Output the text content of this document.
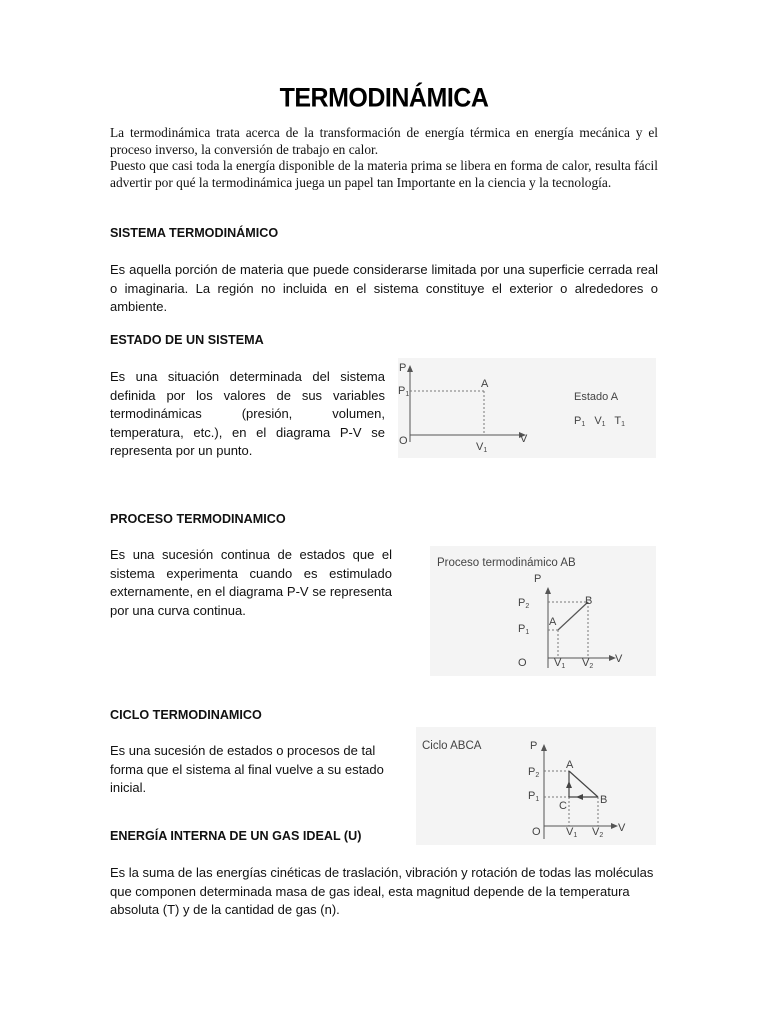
TERMODINÁMICA
La termodinámica trata acerca de la transformación de energía térmica en energía mecánica y el proceso inverso, la conversión de trabajo en calor.
Puesto que casi toda la energía disponible de la materia prima se libera en forma de calor, resulta fácil advertir por qué la termodinámica juega un papel tan Importante en la ciencia y la tecnología.
SISTEMA TERMODINÁMICO
Es aquella porción de materia que puede considerarse limitada por una superficie cerrada real o imaginaria. La región no incluida en el sistema constituye el exterior o alrededores o ambiente.
ESTADO DE UN SISTEMA
Es una situación determinada del sistema definida por los valores de sus variables termodinámicas (presión, volumen, temperatura, etc.), en el diagrama P-V se representa por un punto.
PROCESO TERMODINAMICO
Es una sucesión continua de estados que el sistema experimenta cuando es estimulado externamente, en el diagrama P-V se representa por una curva continua.
CICLO TERMODINAMICO
Es una sucesión de estados o procesos de tal forma que el sistema al final vuelve a su estado inicial.
ENERGÍA INTERNA DE UN GAS IDEAL (U)
Es la suma de las energías cinéticas de traslación, vibración y rotación de todas las moléculas que componen determinada masa de gas ideal, esta magnitud depende de la temperatura absoluta (T) y de la cantidad de gas (n).
P
V
O
P1
V1
A
Estado A
P1 V1 T1
Proceso termodinámico AB
P
V
O
P2
P1
V1 V2
A
B
Ciclo ABCA	P
V
O
P2
P1
V1 V2
A
B
C
